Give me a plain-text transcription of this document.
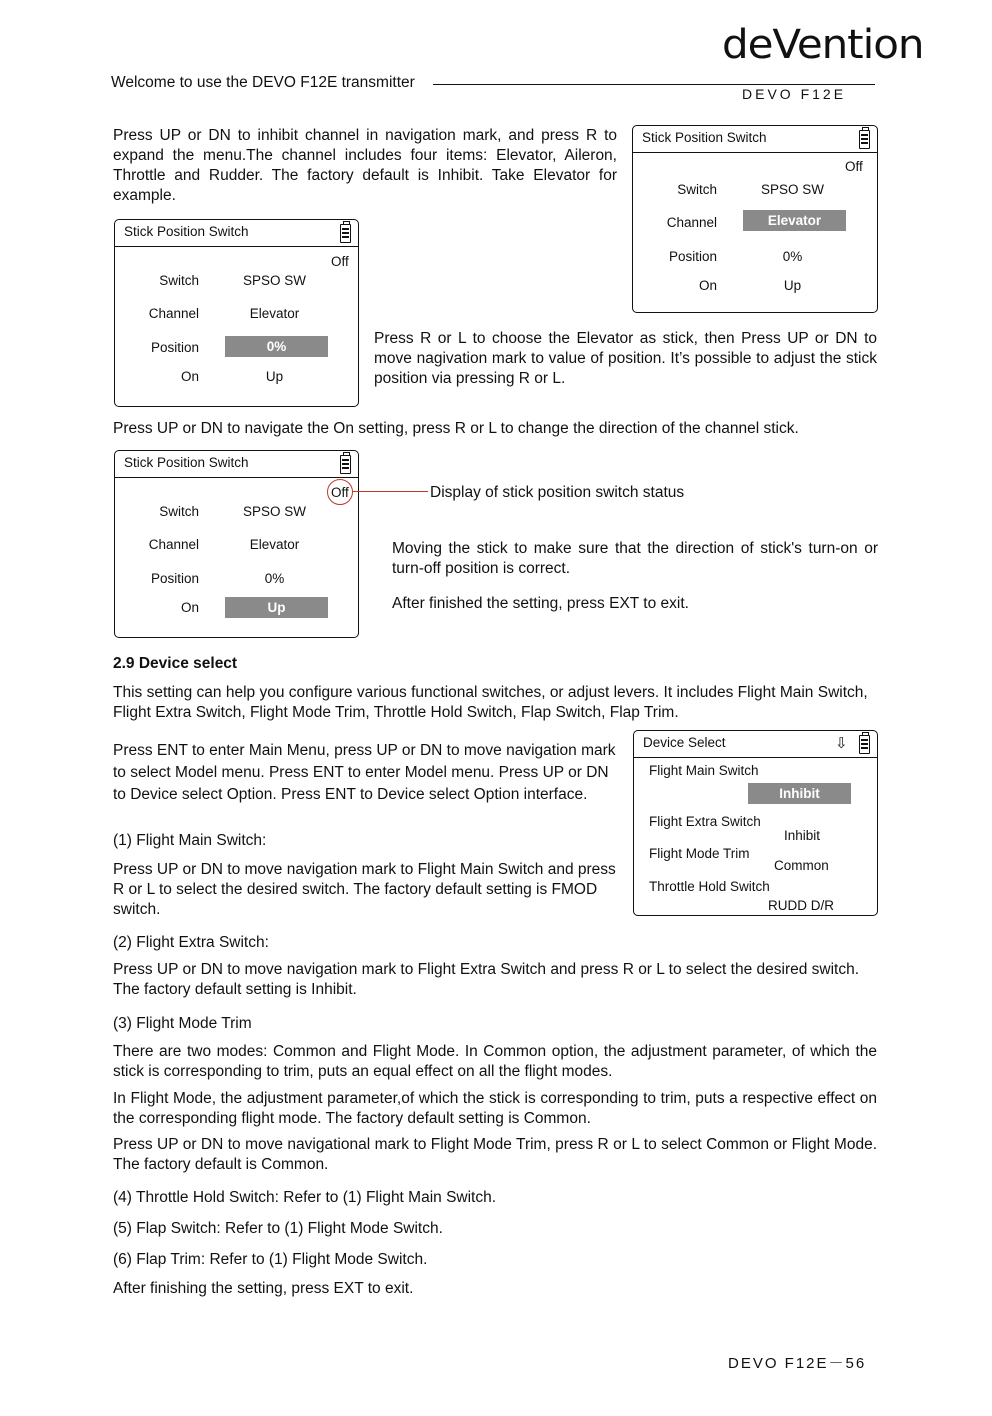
Welcome to use the DEVO F12E transmitter
deVention
DEVO F12E
Press UP or DN to inhibit channel in navigation mark, and press R to expand the menu.The channel includes four items: Elevator, Aileron, Throttle and Rudder. The factory default is Inhibit. Take Elevator for example.
Stick Position Switch
Off
Switch	SPSO SW
Channel	Elevator
Position	0%
On	Up
Stick Position Switch
Off
Switch	SPSO SW
Channel	Elevator
Position	0%
On	Up
Press R or L to choose the Elevator as stick, then Press UP or DN to move nagivation mark to value of position. It’s possible to adjust the stick position via pressing R or L.
Press UP or DN to navigate the On setting, press R or L to change the direction of the channel stick.
Stick Position Switch
Off
Switch	SPSO SW
Channel	Elevator
Position	0%
On	Up
Display of stick position switch status
Moving the stick to make sure that the direction of stick's turn-on or turn-off position is correct.
After finished the setting, press EXT to exit.
2.9 Device select
This setting can help you configure various functional switches, or adjust levers. It includes Flight Main Switch, Flight Extra Switch, Flight Mode Trim, Throttle Hold Switch, Flap Switch, Flap Trim.
Press ENT to enter Main Menu, press UP or DN to move navigation mark to select Model menu. Press ENT to enter Model menu. Press UP or DN to Device select Option. Press ENT to Device select Option interface.
Device Select	⇩
Flight Main Switch
Inhibit
Flight Extra Switch
Inhibit
Flight Mode Trim
Common
Throttle Hold Switch
RUDD D/R
(1) Flight Main Switch:
Press UP or DN to move navigation mark to Flight Main Switch and press R or L to select the desired switch. The factory default setting is FMOD switch.
(2) Flight Extra Switch:
Press UP or DN to move navigation mark to Flight Extra Switch and press R or L to select the desired switch. The factory default setting is Inhibit.
(3) Flight Mode Trim
There are two modes: Common and Flight Mode. In Common option, the adjustment parameter, of which the stick is corresponding to trim, puts an equal effect on all the flight modes.
In Flight Mode, the adjustment parameter,of which the stick is corresponding to trim, puts a respective effect on the corresponding flight mode. The factory default setting is Common.
Press UP or DN to move navigational mark to Flight Mode Trim, press R or L to select Common or Flight Mode. The factory default is Common.
(4) Throttle Hold Switch: Refer to (1) Flight Main Switch.
(5) Flap Switch: Refer to (1) Flight Mode Switch.
(6) Flap Trim: Refer to (1) Flight Mode Switch.
After finishing the setting, press EXT to exit.
DEVO F12E－56
